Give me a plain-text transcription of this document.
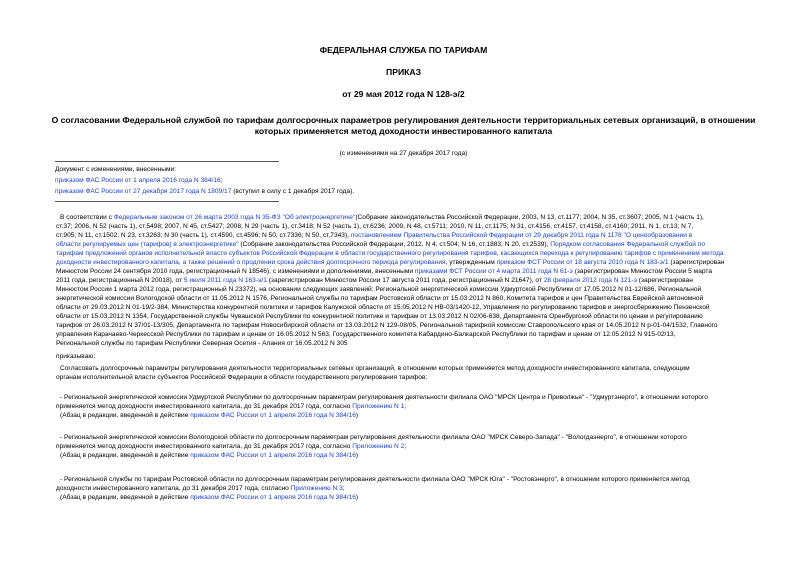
ФЕДЕРАЛЬНАЯ СЛУЖБА ПО ТАРИФАМ
ПРИКАЗ
от 29 мая 2012 года N 128-э/2
О согласовании Федеральной службой по тарифам долгосрочных параметров регулирования деятельности территориальных сетевых организаций, в отношении
которых применяется метод доходности инвестированного капитала
(с изменениями на 27 декабря 2017 года)
Документ с изменениями, внесенными:
приказом ФАС России от 1 апреля 2016 года N 384/16;
приказом ФАС России от 27 декабря 2017 года N 1809/17 (вступил в силу с 1 декабря 2017 года).
В соответствии с Федеральным законом от 26 марта 2003 года N 35-ФЗ "Об электроэнергетике"(Собрание законодательства Российской Федерации, 2003, N 13, ст.1177; 2004, N 35, ст.3607; 2005, N 1 (часть 1),
ст.37; 2006, N 52 (часть 1), ст.5498; 2007, N 45, ст.5427; 2008, N 29 (часть 1), ст.3418; N 52 (часть 1), ст.6236; 2009, N 48, ст.5711; 2010, N 11, ст.1175; N 31, ст.4156, ст.4157, ст.4158, ст.4160; 2011, N 1, ст.13; N 7,
ст.905; N 11, ст.1502; N 23, ст.3263; N 30 (часть 1), ст.4590, ст.4596; N 50, ст.7336; N 50, ст.7343), постановлением Правительства Российской Федерации от 29 декабря 2011 года N 1178 "О ценообразовании в
области регулируемых цен (тарифов) в электроэнергетике" (Собрание законодательства Российской Федерации, 2012, N 4, ст.504; N 16, ст.1883; N 20, ст.2539), Порядком согласования Федеральной службой по
тарифам предложений органов исполнительной власти субъектов Российской Федерации в области государственного регулирования тарифов, касающихся перехода к регулированию тарифов с применением метода
доходности инвестированного капитала, а также решений о продлении срока действия долгосрочного периода регулирования, утвержденным приказом ФСТ России от 18 августа 2010 года N 183-э/1 (зарегистрирован
Минюстом России 24 сентября 2010 года, регистрационный N 18546), с изменениями и дополнениями, внесенными приказами ФСТ России от 4 марта 2011 года N 61-э (зарегистрирован Минюстом России 5 марта
2011 года, регистрационный N 20018), от 5 июля 2011 года N 163-э/1 (зарегистрирован Минюстом России 17 августа 2011 года, регистрационный N 21647), от 28 февраля 2012 года N 121-э (зарегистрирован
Минюстом России 1 марта 2012 года, регистрационный N 23372), на основании следующих заявлений: Региональной энергетической комиссии Удмуртской Республики от 17.05.2012 N 01-12/686, Региональной
энергетической комиссии Вологодской области от 11.05.2012 N 1576, Региональной службы по тарифам Ростовской области от 15.03.2012 N 860, Комитета тарифов и цен Правительства Еврейской автономной
области от 29.03.2012 N 01-19/2-384, Министерства конкурентной политики и тарифов Калужской области от 15.05.2012 N НВ-03/1420-12, Управления по регулированию тарифов и энергосбережению Пензенской
области от 15.03.2012 N 1354, Государственной службы Чувашской Республики по конкурентной политике и тарифам от 13.03.2012 N 02/06-638, Департамента Оренбургской области по ценам и регулированию
тарифов от 26.03.2012 N 37/01-13/305, Департамента по тарифам Новосибирской области от 13.03.2012 N 129-08/05, Региональной тарифной комиссии Ставропольского края от 14.05.2012 N р-01-04/1532, Главного
управления Карачаево-Черкесской Республики по тарифам и ценам от 16.05.2012 N 563, Государственного комитета Кабардино-Балкарской Республики по тарифам и ценам от 12.05.2012 N 915-02/13,
Региональной службы по тарифам Республики Северная Осетия - Алания от 16.05.2012 N 305
приказываю:
Согласовать долгосрочные параметры регулирования деятельности территориальных сетевых организаций, в отношении которых применяется метод доходности инвестированного капитала, следующим
органам исполнительной власти субъектов Российской Федерации в области государственного регулирования тарифов:
- Региональной энергетической комиссии Удмуртской Республики по долгосрочным параметрам регулирования деятельности филиала ОАО "МРСК Центра и Приволжья" - "Удмуртэнерго", в отношении которого
применяется метод доходности инвестированного капитала, до 31 декабря 2017 года, согласно Приложению N 1;
(Абзац в редакции, введенной в действие приказом ФАС России от 1 апреля 2016 года N 384/16)
- Региональной энергетической комиссии Вологодской области по долгосрочным параметрам регулирования деятельности филиала ОАО "МРСК Северо-Запада" - "Вологдаэнерго", в отношении которого
применяется метод доходности инвестированного капитала, до 31 декабря 2017 года, согласно Приложению N 2;
(Абзац в редакции, введенной в действие приказом ФАС России от 1 апреля 2016 года N 384/16)
- Региональной службы по тарифам Ростовской области по долгосрочным параметрам регулирования деятельности филиала ОАО "МРСК Юга" - "Ростовэнерго", в отношении которого применяется метод
доходности инвестированного капитала, до 31 декабря 2017 года, согласно Приложению N 3;
(Абзац в редакции, введенной в действие приказом ФАС России от 1 апреля 2016 года N 384/16)
